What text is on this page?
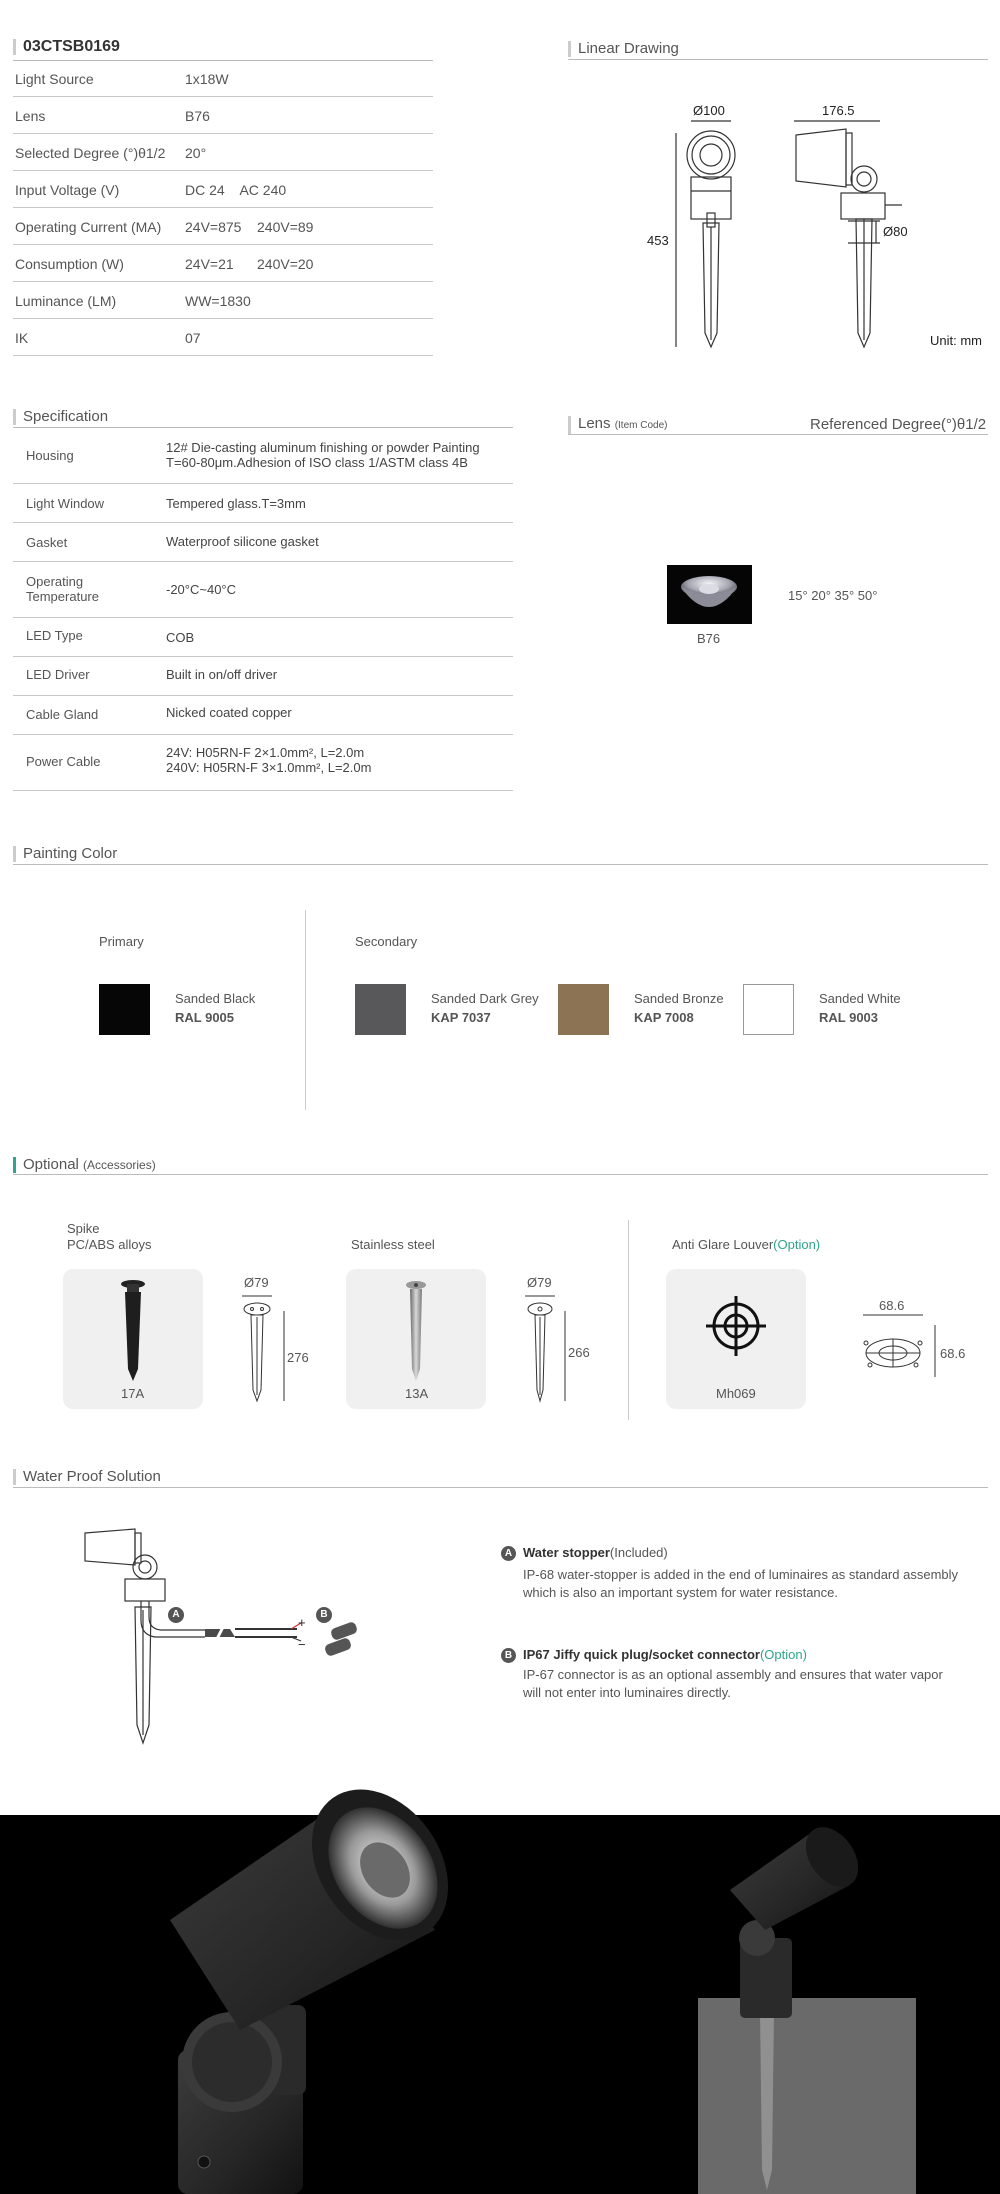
03CTSB0169
Light Source	1x18W
Lens	B76
Selected Degree (°)θ1/2 20°
Input Voltage (V)	DC 24    AC 240
Operating Current (MA) 24V=875    240V=89
Consumption (W)	24V=21      240V=20
Luminance (LM)	WW=1830
IK	07
Linear Drawing
Ø100	176.5
453
Ø80
Unit: mm
Specification
Housing
12# Die-casting aluminum finishing or powder Painting
T=60-80μm.Adhesion of ISO class 1/ASTM class 4B
Light Window	Tempered glass.T=3mm
Gasket	Waterproof silicone gasket
Operating
Temperature	-20°C~40°C
LED Type	COB
LED Driver	Built in on/off driver
Cable Gland	Nicked coated copper
Power Cable
24V: H05RN-F 2×1.0mm², L=2.0m
240V: H05RN-F 3×1.0mm², L=2.0m
Lens (Item Code)	Referenced Degree(°)θ1/2
B76
15° 20° 35° 50°
Painting Color
Primary	Secondary
Sanded Black
RAL 9005
Sanded Dark Grey
KAP 7037
Sanded Bronze
KAP 7008
Sanded White
RAL 9003
Optional (Accessories)
Spike
PC/ABS alloys	Stainless steel	Anti Glare Louver(Option)
17A
Ø79
276
13A
Ø79
266
Mh069
68.6
68.6
Water Proof Solution
A	B
+
−
A Water stopper(Included)
IP-68 water-stopper is added in the end of luminaires as standard assembly
which is also an important system for water resistance.
B IP67 Jiffy quick plug/socket connector(Option)
IP-67 connector is as an optional assembly and ensures that water vapor
will not enter into luminaires directly.
